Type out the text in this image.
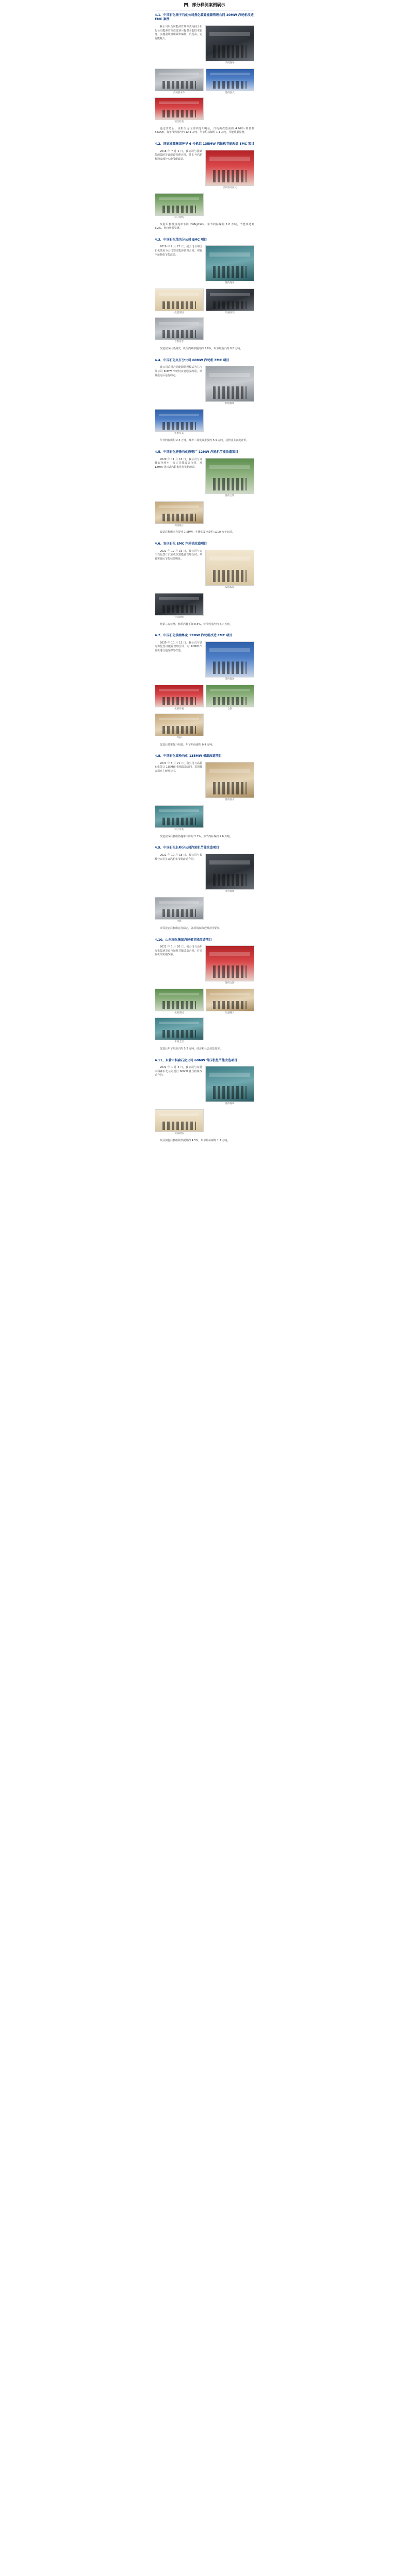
四、部分样例案例展示
4.1、中国石化扬子石化公司焦化装置能源管理合同 20MW 汽轮机改造 EMC 案例
我公司以合同能源管理方式为扬子石化公司能源管理改造项目提供全套技术服务，实施前该机组效率偏低，汽耗高，运行能耗大。
车间现场
汽轮机本体	签约仪式
项目验收
通过改造后，该机组运行效率提升明显，汽耗由改造前的 4.96t/h 降低到 3.67t/h，每年节约蒸汽约 12.4 万吨，年节约标煤约 1.1 万吨，节能效果显著。
4.2、国家能源集团神华 6 号机组 135MW 汽轮机节能改造 EMC 项目
2018 年 7 月 2 日，我公司与国家能源集团签订能源管理合同，对 6 号汽轮机通流部分实施节能改造。
合同签订仪式
转子现场
改造后机组热耗率下降 248kJ/kWh，年节约标煤约 1.8 万吨，节能率达到 3.2%，经济效益显著。
4.3、中国石化茂名分公司 EMC 项目
2019 年 9 月 22 日，我公司与中国石化茂名分公司签订能源管理合同，实施汽轮机组节能改造。
签约现场
改造现场	设备安装
合影留念
改造完成后经测试，机组内效率提高约 5.6%，年节约蒸汽约 9.8 万吨。
4.4、中国石化九江分公司 60MW 汽轮机 EMC 项目
我公司采用合同能源管理模式为九江分公司 60MW 汽轮机实施通流改造，项目投运后运行稳定。
机组现场
签约仪式
年节约标煤约 2.3 万吨，减少二氧化碳排放约 5.9 万吨，获得业主高度评价。
4.5、中国石化齐鲁石化热电厂 12MW 汽轮机节能改造项目
2020 年 11 月 16 日，我公司与齐鲁石化热电厂签订节能改造合同，对 12MW 背压式汽轮机进行优化改造。
签约合影
现场施工
改造后机组出力提升 1.5MW，年增加发电量约 1100 万千瓦时。
4.6、安庆石化 EMC 汽轮机改造项目
2021 年 12 月 16 日，我公司与安庆石化签订汽轮机改造能源管理合同，项目实施后节能效果明显。
报纸报道
会议现场
经第三方检测，机组汽耗下降 8.5%，年节约蒸汽约 6.7 万吨。
4.7、中国石化镇海炼化 12MW 汽轮机改造 EMC 项目
2020 年 10 月 13 日，我公司与镇海炼化签订能源管理合同，对 12MW 汽轮机进行通流部分改造。
签约现场
机组外观	合影
车间
改造后效率提升明显，年节约标煤约 0.9 万吨。
4.8、中国石化高桥石化 135MW 机组改造项目
2021 年 8 月 21 日，我公司与高桥石化签订 135MW 机组改造合同，采用我公司自主研发技术。
签约仪式
转子吊装
改造完成后机组热耗率下降约 3.1%，年节约标煤约 2.6 万吨。
4.9、中国石化长岭分公司汽轮机节能改造项目
2021 年 10 月 18 日，我公司与长岭分公司签订汽轮机节能改造合同。
签约现场
合影
项目投运后机组运行稳定，各项指标均达到合同要求。
4.10、山东海化集团汽轮机节能改造项目
2022 年 3 月 20 日，我公司与山东海化集团签订汽轮机节能改造合同，对多台机组实施改造。
签约合影
机组现场	设备照片
车间全景
改造后年节约蒸汽约 5.2 万吨，经济和社会效益显著。
4.11、东营市科森石化公司 60MW 背压机组节能改造项目
2022 年 1 月 5 日，我公司与东营市科森石化公司签订 60MW 背压机组改造合同。
签约现场
设备现场
项目实施后机组效率提升约 4.5%，年节约标煤约 1.7 万吨。
